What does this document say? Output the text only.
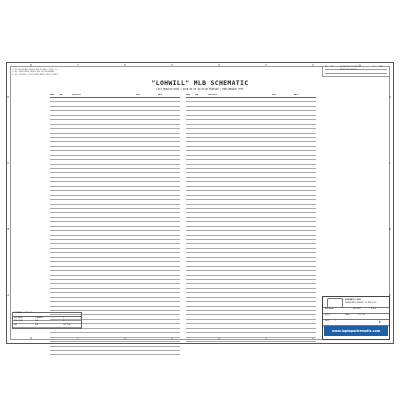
8
8
7
7
6
6
5
5
4
4
3
3
2
2
1
D	D
C	C
B	B
A	A
1) ALL RESISTANCE VALUES ARE IN OHMS, 1/16W, 1%.
2) ALL CAPACITANCE VALUES ARE IN MICROFARADS.
3) ALL CRYSTALS & OSCILLATOR VALUES ARE IN HERTZ.
REV ECO	DESCRIPTION OF REVISION	CK	DATE
PRODUCTION RELEASED
"LOHWILL" MLB SCHEMATIC
LAST_MODIFICATION = 2018-09-05 20:20:00 PROTO1B | PRELIMINARY TEXT
PAGE	CSA	CONTENTS	SYNC	DATE
1	1	Table of Contents	ELECTRONIC	09/05/2018
2	2	SYSTEM BLOCK DIAGRAM	ELECTRONIC	09/05/2018
3	3	POWER BLOCK DIAGRAM	ELECTRONIC	09/05/2018
4	4	BOM CONFIG	ELECTRONIC	09/05/2018
5	5	FUNC TEST / NO TEST	ELECTRONIC	09/05/2018
6	6	SIGNAL ALIASES	ELECTRONIC	09/05/2018
7	7	HOLES / SHIELDS	ELECTRONIC	09/05/2018
8	8	TEST POINTS	ELECTRONIC	09/05/2018
9	10	CPU CLOCKS	ELECTRONIC	09/05/2018
10	11	CPU DDR INTERFACE	ELECTRONIC	09/05/2018
11	12	CPU EDP / MISC	ELECTRONIC	09/05/2018
12	13	CPU POWER	ELECTRONIC	09/05/2018
13	14	CPU GROUND	ELECTRONIC	09/05/2018
14	15	CPU DECOUPLING	ELECTRONIC	09/05/2018
15	16	CPU PCIE / USB	ELECTRONIC	09/05/2018
16	17	CPU PCH MISC	ELECTRONIC	09/05/2018
17	18	CPU LPC / SPI / SMBUS	ELECTRONIC	09/05/2018
18	19	CPU GPIO	ELECTRONIC	09/05/2018
19	20	CPU AUDIO / SATA	ELECTRONIC	09/05/2018
20	21	CPU POWER AND GROUND	ELECTRONIC	09/05/2018
21	22	XDP CONNECTOR	ELECTRONIC	09/05/2018
22	23	CHIPSET SUPPORT	ELECTRONIC	09/05/2018
23	25	DDR4 CHANNEL A	ELECTRONIC	09/05/2018
24	26	DDR4 CHANNEL B	ELECTRONIC	09/05/2018
25	27	DDR4 TERMINATION	ELECTRONIC	09/05/2018
26	28	DDR4 VREF	ELECTRONIC	09/05/2018
27	29	DDR4 DECOUPLING	ELECTRONIC	09/05/2018
28	30	SSD INTERFACE	ELECTRONIC	09/05/2018
29	31	SSD POWER	ELECTRONIC	09/05/2018
30	32	T2 BOOT / SPI	ELECTRONIC	09/05/2018
31	33	T2 POWER	ELECTRONIC	09/05/2018
32	34	T2 MISC	ELECTRONIC	09/05/2018
33	35	T2 DECOUPLING	ELECTRONIC	09/05/2018
34	36	THUNDERBOLT CONTROLLER	ELECTRONIC	09/05/2018
35	37	THUNDERBOLT POWER	ELECTRONIC	09/05/2018
36	38	USB-C PORT A	ELECTRONIC	09/05/2018
37	39	USB-C PORT B	ELECTRONIC	09/05/2018
38	40	USB-C PORT C	ELECTRONIC	09/05/2018
39	41	USB-C PORT D	ELECTRONIC	09/05/2018
40	42	PORT CONTROLLER	ELECTRONIC	09/05/2018
41	43	WIFI / BT	ELECTRONIC	09/05/2018
42	44	AUDIO CODEC	ELECTRONIC	09/05/2018
43	45	AUDIO SPEAKER AMP	ELECTRONIC	09/05/2018
44	46	AUDIO HEADPHONE	ELECTRONIC	09/05/2018
45	47	SPEAKERS	ELECTRONIC	09/05/2018
46	48	MICROPHONES	ELECTRONIC	09/05/2018
47	49	SMC	ELECTRONIC	09/05/2018
48	50	SMC SUPPORT	ELECTRONIC	09/05/2018
49	51	SENSORS	ELECTRONIC	09/05/2018
50	52	FAN	ELECTRONIC	09/05/2018
51	53	KEYBOARD / TRACKPAD	ELECTRONIC	09/05/2018
52	54	LPC DEBUG	ELECTRONIC	09/05/2018
53	55	SPI ROM	ELECTRONIC	09/05/2018
54	56	POWER SEQUENCING	ELECTRONIC	09/05/2018
55	57	POWER ALIASES	ELECTRONIC	09/05/2018
56	58	POWER CONNECTOR	ELECTRONIC	09/05/2018
57	59	DEBUG CONNECTOR	ELECTRONIC	09/05/2018
58	60	MISC	ELECTRONIC	09/05/2018
PAGE	CSA	CONTENTS	SYNC	DATE
59	61	SYSTEM POWER CONTROL	ELECTRONIC	09/05/2018
60	62	CHARGER	ELECTRONIC	09/05/2018
61	63	CHARGER SUPPORT	ELECTRONIC	09/05/2018
62	64	BATTERY CONNECTOR	ELECTRONIC	09/05/2018
63	65	PBUS SUPPLY	ELECTRONIC	09/05/2018
64	66	5V / 3.3V SUPPLY	ELECTRONIC	09/05/2018
65	67	CPU VCCIN	ELECTRONIC	09/05/2018
66	68	CPU VCCIN PHASES	ELECTRONIC	09/05/2018
67	69	CPU VCCIN SUPPORT	ELECTRONIC	09/05/2018
68	70	1.2V DDR SUPPLY	ELECTRONIC	09/05/2018
69	71	1V8 SUPPLY	ELECTRONIC	09/05/2018
70	72	VCCPRIM SUPPLY	ELECTRONIC	09/05/2018
71	73	T2 PMU	ELECTRONIC	09/05/2018
72	74	T2 PMU SUPPORT	ELECTRONIC	09/05/2018
73	75	POWER FETS	ELECTRONIC	09/05/2018
74	76	LOAD SWITCHES	ELECTRONIC	09/05/2018
75	77	S0 / S3 RAILS	ELECTRONIC	09/05/2018
76	78	PWR SENSE	ELECTRONIC	09/05/2018
77	79	CURRENT SENSE	ELECTRONIC	09/05/2018
78	80	VOLTAGE SENSE	ELECTRONIC	09/05/2018
79	81	TEMP SENSE	ELECTRONIC	09/05/2018
80	82	LCD BACKLIGHT	ELECTRONIC	09/05/2018
81	83	LCD CONNECTOR	ELECTRONIC	09/05/2018
82	84	EDP CONNECTOR	ELECTRONIC	09/05/2018
83	85	CAMERA	ELECTRONIC	09/05/2018
84	86	AMBIENT LIGHT	ELECTRONIC	09/05/2018
85	87	TOUCH ID	ELECTRONIC	09/05/2018
86	88	TOUCH BAR	ELECTRONIC	09/05/2018
87	89	TOUCH BAR POWER	ELECTRONIC	09/05/2018
88	90	LID ANGLE SENSOR	ELECTRONIC	09/05/2018
89	91	HALL SENSOR	ELECTRONIC	09/05/2018
90	92	KEYBOARD BACKLIGHT	ELECTRONIC	09/05/2018
91	93	BUTTONS	ELECTRONIC	09/05/2018
92	94	DEBUG LEDS	ELECTRONIC	09/05/2018
93	95	EMI / ESD	ELECTRONIC	09/05/2018
94	96	CONSTRAINTS: CPU	ELECTRONIC	09/05/2018
95	97	CONSTRAINTS: MEMORY	ELECTRONIC	09/05/2018
96	98	CONSTRAINTS: PCIE	ELECTRONIC	09/05/2018
97	99	CONSTRAINTS: USB	ELECTRONIC	09/05/2018
98	100	CONSTRAINTS: THUNDERBOLT	ELECTRONIC	09/05/2018
99	101	CONSTRAINTS: DISPLAY	ELECTRONIC	09/05/2018
100	102	CONSTRAINTS: AUDIO	ELECTRONIC	09/05/2018
101	103	CONSTRAINTS: SMC	ELECTRONIC	09/05/2018
102	104	CONSTRAINTS: POWER	ELECTRONIC	09/05/2018
103	105	CONSTRAINTS: T2	ELECTRONIC	09/05/2018
104	106	CONSTRAINTS: SSD	ELECTRONIC	09/05/2018
105	107	CONSTRAINTS: WIFI	ELECTRONIC	09/05/2018
106	108	CONSTRAINTS: MISC	ELECTRONIC	09/05/2018
107	109	PROJECT SPECIFIC	ELECTRONIC	09/05/2018
108	110	BOARD INFO	ELECTRONIC	09/05/2018
109	111	NET SPACING	ELECTRONIC	09/05/2018
110	112	PHYSICAL / SPACING	ELECTRONIC	09/05/2018
111	113	BOARD STACKUP	ELECTRONIC	09/05/2018
112	114	REFERENCE DESIGNATORS	ELECTRONIC	09/05/2018
113	115	REVISION HISTORY	ELECTRONIC	09/05/2018
SCHEMATIC / PCB #'S
051-04015	SCHEMATIC	1
820-01958	PCB	1
BOM	MLB	CRITICAL
SCHEMATIC,MLB
PROPRIETARY PROPERTY OF APPLE INC.
051-04015	REVISION	6.0.0
APPLE	SHEET	1 OF 115
PAGE	1	D
www.laptopschematic.com
